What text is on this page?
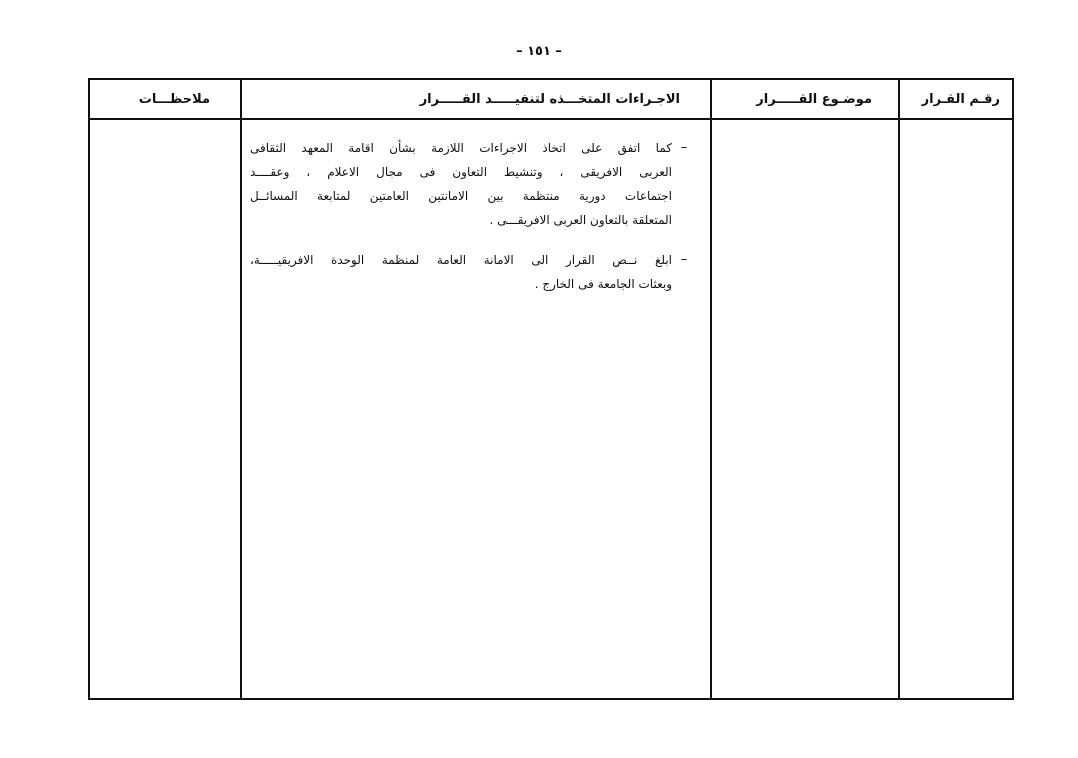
– ١٥١ –
رقـم القـرار
موضـوع القـــــرار
الاجـراءات المتخـــذه لتنفيـــــد القـــــرار
ملاحظـــات
–
كما اتفق على اتخاذ الاجراءات اللازمة بشأن اقامة المعهد الثقافى
العربى الافريقى ، وتنشيط التعاون فى مجال الاعلام ، وعقــــد
اجتماعات دورية منتظمة بين الامانتين العامتين لمتابعة المسائــل
المتعلقة بالتعاون العربى الافريقـــى .
–
ابلغ نــص القرار الى الامانة العامة لمنظمة الوحدة الافريقيـــــة،
وبعثات الجامعة فى الخارج .
